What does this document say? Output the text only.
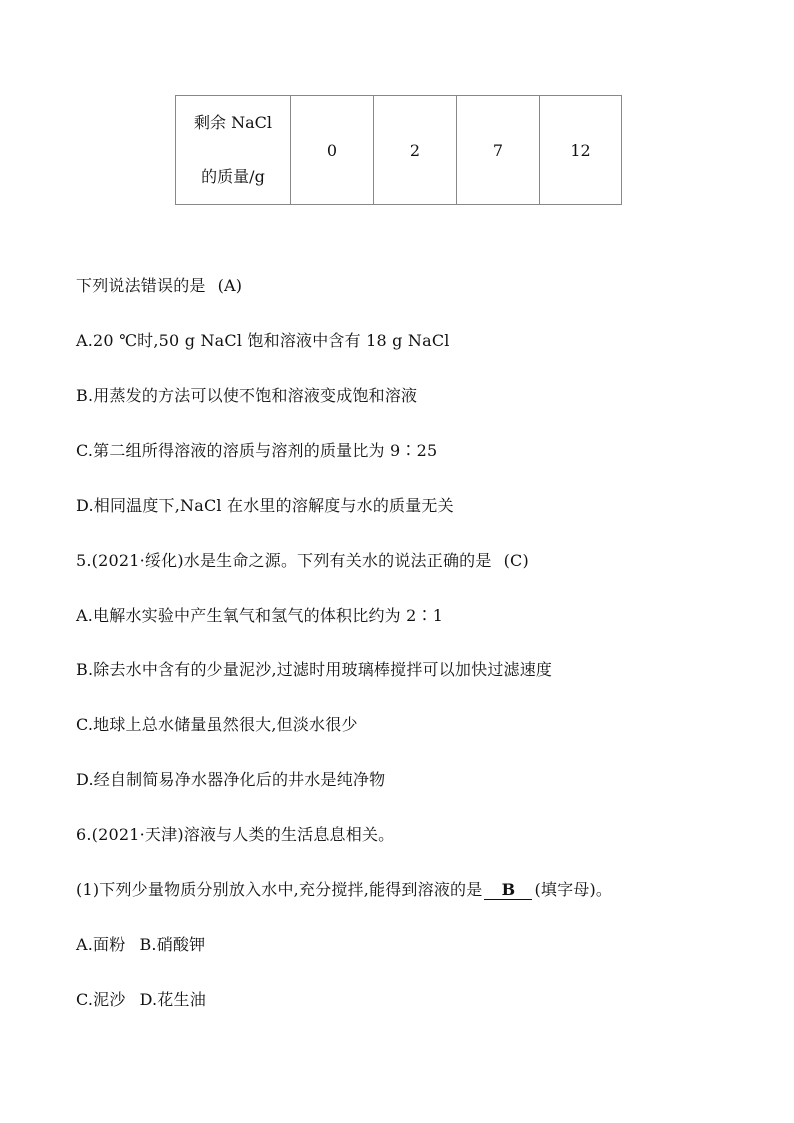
剩余 NaCl
的质量/g
	0	2	7	12
下列说法错误的是 (A)
A.20 ℃时,50 g NaCl 饱和溶液中含有 18 g NaCl
B.用蒸发的方法可以使不饱和溶液变成饱和溶液
C.第二组所得溶液的溶质与溶剂的质量比为 9∶25
D.相同温度下,NaCl 在水里的溶解度与水的质量无关
5.(2021·绥化)水是生命之源。下列有关水的说法正确的是 (C)
A.电解水实验中产生氧气和氢气的体积比约为 2∶1
B.除去水中含有的少量泥沙,过滤时用玻璃棒搅拌可以加快过滤速度
C.地球上总水储量虽然很大,但淡水很少
D.经自制简易净水器净化后的井水是纯净物
6.(2021·天津)溶液与人类的生活息息相关。
(1)下列少量物质分别放入水中,充分搅拌,能得到溶液的是 B (填字母)。
A.面粉 B.硝酸钾
C.泥沙 D.花生油
